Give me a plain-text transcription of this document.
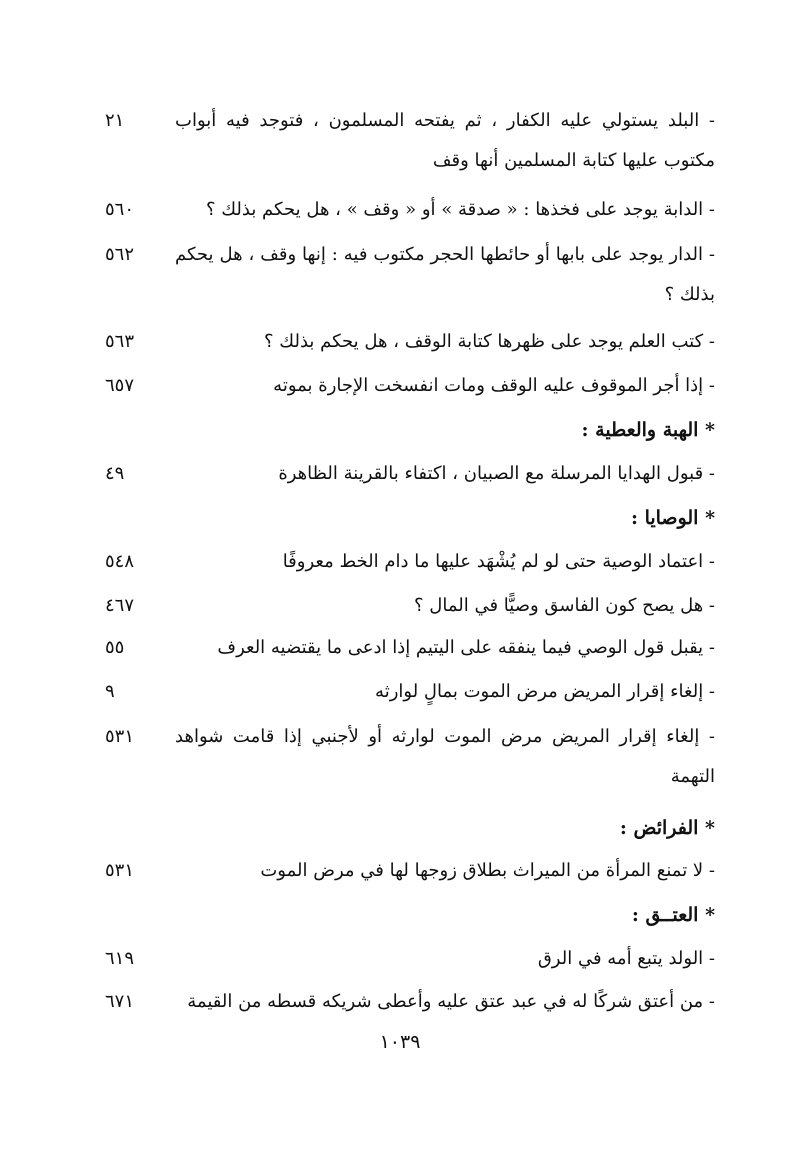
- البلد يستولي عليه الكفار ، ثم يفتحه المسلمون ، فتوجد فيه أبواب مكتوب عليها كتابة المسلمين أنها وقف
٢١
- الدابة يوجد على فخذها : « صدقة » أو « وقف » ، هل يحكم بذلك ؟
٥٦٠
- الدار يوجد على بابها أو حائطها الحجر مكتوب فيه : إنها وقف ، هل يحكم بذلك ؟
٥٦٢
- كتب العلم يوجد على ظهرها كتابة الوقف ، هل يحكم بذلك ؟
٥٦٣
- إذا أجر الموقوف عليه الوقف ومات انفسخت الإجارة بموته
٦٥٧
* الهبة والعطية :
- قبول الهدايا المرسلة مع الصبيان ، اكتفاء بالقرينة الظاهرة
٤٩
* الوصايا :
- اعتماد الوصية حتى لو لم يُشْهَد عليها ما دام الخط معروفًا
٥٤٨
- هل يصح كون الفاسق وصيًّا في المال ؟
٤٦٧
- يقبل قول الوصي فيما ينفقه على اليتيم إذا ادعى ما يقتضيه العرف
٥٥
- إلغاء إقرار المريض مرض الموت بمالٍ لوارثه
٩
- إلغاء إقرار المريض مرض الموت لوارثه أو لأجنبي إذا قامت شواهد التهمة
٥٣١
* الفرائض :
- لا تمنع المرأة من الميراث بطلاق زوجها لها في مرض الموت
٥٣١
* العتــق :
- الولد يتبع أمه في الرق
٦١٩
- من أعتق شركًا له في عبد عتق عليه وأعطى شريكه قسطه من القيمة
٦٧١
١٠٣٩
